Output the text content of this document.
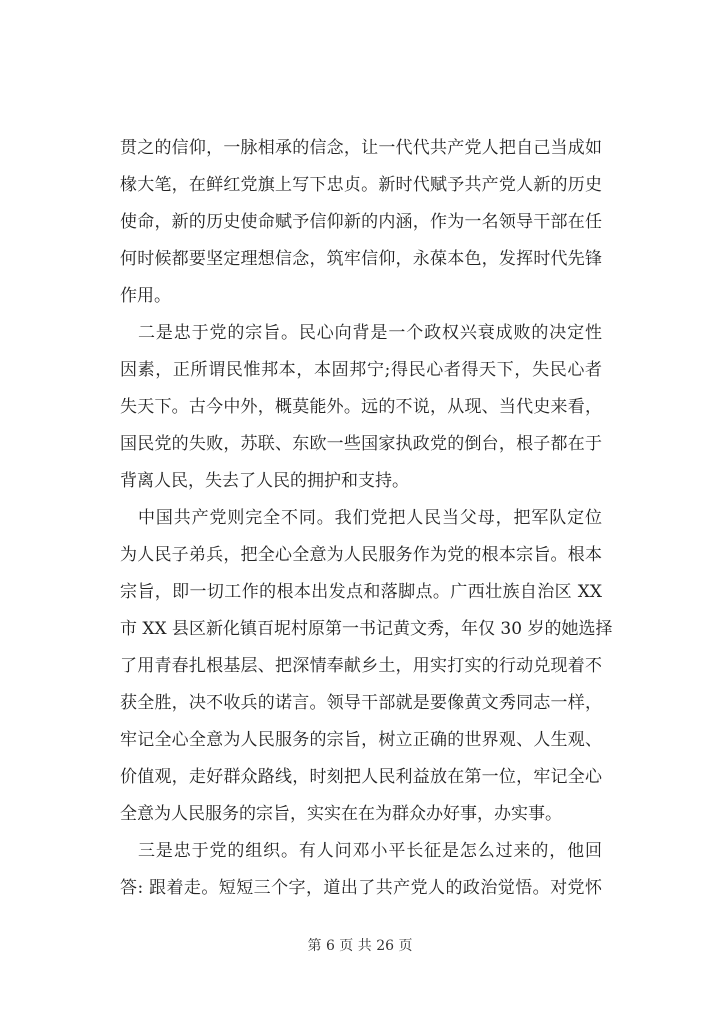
贯之的信仰，一脉相承的信念，让一代代共产党人把自己当成如
椽大笔，在鲜红党旗上写下忠贞。新时代赋予共产党人新的历史
使命，新的历史使命赋予信仰新的内涵，作为一名领导干部在任
何时候都要坚定理想信念，筑牢信仰，永葆本色，发挥时代先锋
作用。
二是忠于党的宗旨。民心向背是一个政权兴衰成败的决定性
因素，正所谓民惟邦本，本固邦宁;得民心者得天下，失民心者
失天下。古今中外，概莫能外。远的不说，从现、当代史来看，
国民党的失败，苏联、东欧一些国家执政党的倒台，根子都在于
背离人民，失去了人民的拥护和支持。
中国共产党则完全不同。我们党把人民当父母，把军队定位
为人民子弟兵，把全心全意为人民服务作为党的根本宗旨。根本
宗旨，即一切工作的根本出发点和落脚点。广西壮族自治区 XX
市 XX 县区新化镇百坭村原第一书记黄文秀，年仅 30 岁的她选择
了用青春扎根基层、把深情奉献乡土，用实打实的行动兑现着不
获全胜，决不收兵的诺言。领导干部就是要像黄文秀同志一样，
牢记全心全意为人民服务的宗旨，树立正确的世界观、人生观、
价值观，走好群众路线，时刻把人民利益放在第一位，牢记全心
全意为人民服务的宗旨，实实在在为群众办好事，办实事。
三是忠于党的组织。有人问邓小平长征是怎么过来的，他回
答: 跟着走。短短三个字，道出了共产党人的政治觉悟。对党怀
第 6 页 共 26 页
